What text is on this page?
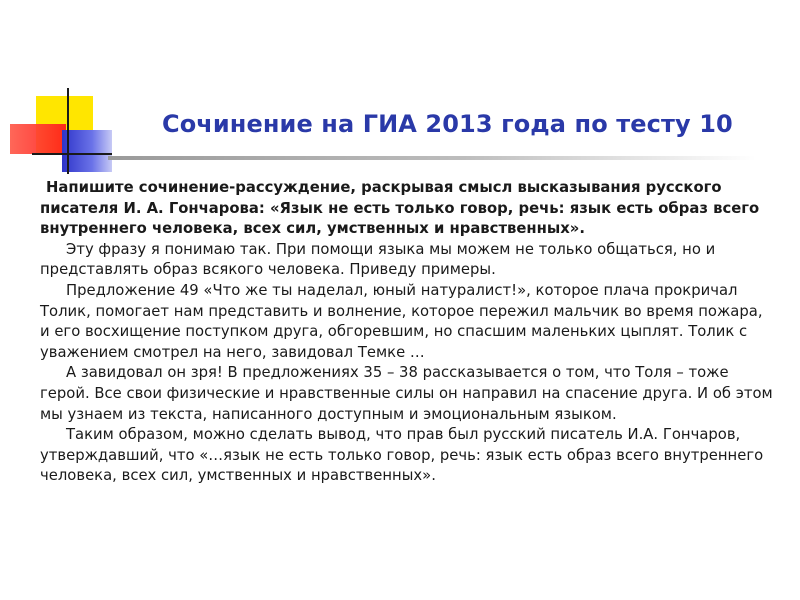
Сочинение на ГИА 2013 года по тесту 10

Напишите сочинение-рассуждение, раскрывая смысл высказывания русского писателя И. А. Гончарова: «Язык не есть только говор, речь: язык есть образ всего внутреннего человека, всех сил, умственных и нравственных».

Эту фразу я понимаю так. При помощи языка мы можем не только общаться, но и представлять образ всякого человека. Приведу примеры.

Предложение 49 «Что же ты наделал, юный натуралист!», которое плача прокричал Толик, помогает нам представить и волнение, которое пережил мальчик во время пожара, и его восхищение поступком друга, обгоревшим, но спасшим маленьких цыплят. Толик с уважением смотрел на него, завидовал Темке …

А завидовал он зря! В предложениях 35 – 38 рассказывается о том, что Толя – тоже герой. Все свои физические и нравственные силы он направил на спасение друга. И об этом мы узнаем из текста, написанного доступным и эмоциональным языком.

Таким образом, можно сделать вывод, что прав был русский писатель И.А. Гончаров, утверждавший, что «…язык не есть только говор, речь: язык есть образ всего внутреннего человека, всех сил, умственных и нравственных».
